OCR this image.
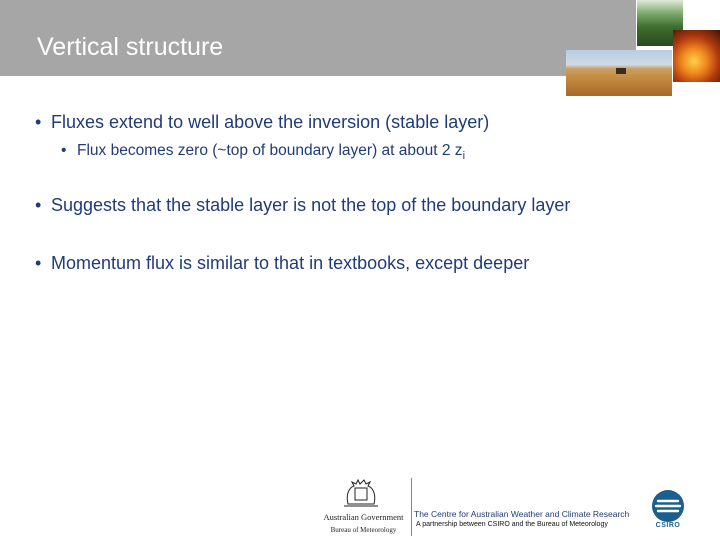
Vertical structure
• Fluxes extend to well above the inversion (stable layer)
• Flux becomes zero (~top of boundary layer) at about 2 $z_i$
• Suggests that the stable layer is not the top of the boundary layer
• Momentum flux is similar to that in textbooks, except deeper
Australian Government
Bureau of Meteorology
The Centre for Australian Weather and Climate Research
A partnership between CSIRO and the Bureau of Meteorology	CSIRO
